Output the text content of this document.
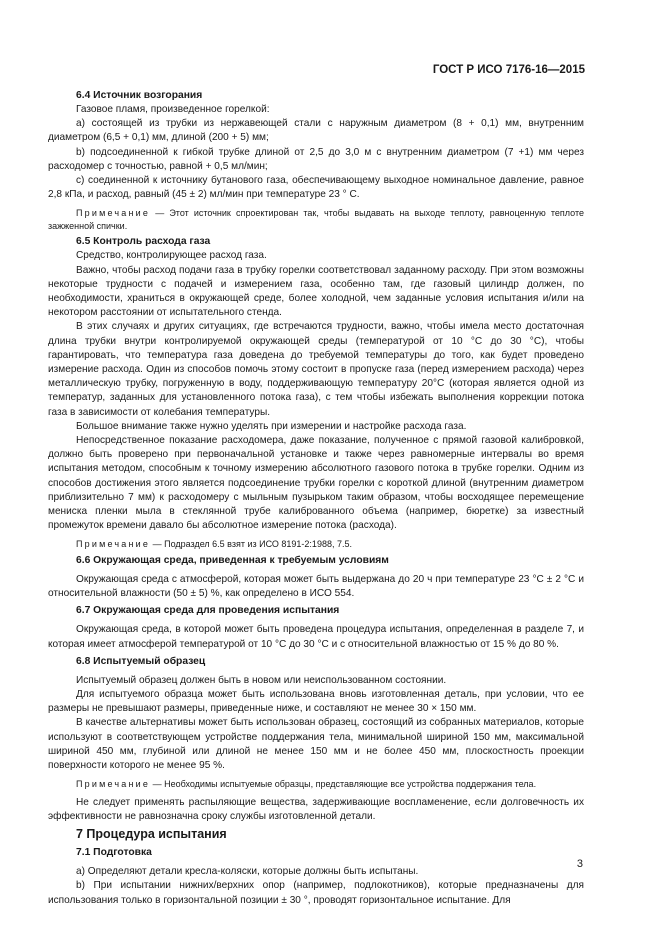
ГОСТ Р ИСО 7176-16—2015
6.4 Источник возгорания

Газовое пламя, произведенное горелкой:

a) состоящей из трубки из нержавеющей стали с наружным диаметром (8 + 0,1) мм, внутренним диаметром (6,5 + 0,1) мм, длиной (200 + 5) мм;

b) подсоединенной к гибкой трубке длиной от 2,5 до 3,0 м с внутренним диаметром (7 +1) мм через расходомер с точностью, равной + 0,5 мл/мин;

c) соединенной к источнику бутанового газа, обеспечивающему выходное номинальное давление, равное 2,8 кПа, и расход, равный (45 ± 2) мл/мин при температуре 23 ° С.

Примечание — Этот источник спроектирован так, чтобы выдавать на выходе теплоту, равноценную теплоте зажженной спички.

6.5 Контроль расхода газа

Средство, контролирующее расход газа.

Важно, чтобы расход подачи газа в трубку горелки соответствовал заданному расходу. При этом возможны некоторые трудности с подачей и измерением газа, особенно там, где газовый цилиндр должен, по необходимости, храниться в окружающей среде, более холодной, чем заданные условия испытания и/или на некотором расстоянии от испытательного стенда.

В этих случаях и других ситуациях, где встречаются трудности, важно, чтобы имела место достаточная длина трубки внутри контролируемой окружающей среды (температурой от 10 °С до 30 °С), чтобы гарантировать, что температура газа доведена до требуемой температуры до того, как будет проведено измерение расхода. Один из способов помочь этому состоит в пропуске газа (перед измерением расхода) через металлическую трубку, погруженную в воду, поддерживающую температуру 20°С (которая является одной из температур, заданных для установленного потока газа), с тем чтобы избежать выполнения коррекции потока газа в зависимости от колебания температуры.

Большое внимание также нужно уделять при измерении и настройке расхода газа.

Непосредственное показание расходомера, даже показание, полученное с прямой газовой калибровкой, должно быть проверено при первоначальной установке и также через равномерные интервалы во время испытания методом, способным к точному измерению абсолютного газового потока в трубке горелки. Одним из способов достижения этого является подсоединение трубки горелки с короткой длиной (внутренним диаметром приблизительно 7 мм) к расходомеру с мыльным пузырьком таким образом, чтобы восходящее перемещение мениска пленки мыла в стеклянной трубе калиброванного объема (например, бюретке) за известный промежуток времени давало бы абсолютное измерение потока (расхода).

Примечание — Подраздел 6.5 взят из ИСО 8191-2:1988, 7.5.

6.6 Окружающая среда, приведенная к требуемым условиям

Окружающая среда с атмосферой, которая может быть выдержана до 20 ч при температуре 23 °С ± 2 °С и относительной влажности (50 ± 5) %, как определено в ИСО 554.

6.7 Окружающая среда для проведения испытания

Окружающая среда, в которой может быть проведена процедура испытания, определенная в разделе 7, и которая имеет атмосферой температурой от 10 °С до 30 °С и с относительной влажностью от 15 % до 80 %.

6.8 Испытуемый образец

Испытуемый образец должен быть в новом или неиспользованном состоянии.

Для испытуемого образца может быть использована вновь изготовленная деталь, при условии, что ее размеры не превышают размеры, приведенные ниже, и составляют не менее 30 × 150 мм.

В качестве альтернативы может быть использован образец, состоящий из собранных материалов, которые используют в соответствующем устройстве поддержания тела, минимальной шириной 150 мм, максимальной шириной 450 мм, глубиной или длиной не менее 150 мм и не более 450 мм, плоскостность проекции поверхности которого не менее 95 %.

Примечание — Необходимы испытуемые образцы, представляющие все устройства поддержания тела.

Не следует применять распыляющие вещества, задерживающие воспламенение, если долговечность их эффективности не равнозначна сроку службы изготовленной детали.

7 Процедура испытания
7.1 Подготовка

a) Определяют детали кресла-коляски, которые должны быть испытаны.

b) При испытании нижних/верхних опор (например, подлокотников), которые предназначены для использования только в горизонтальной позиции ± 30 °, проводят горизонтальное испытание. Для

3
